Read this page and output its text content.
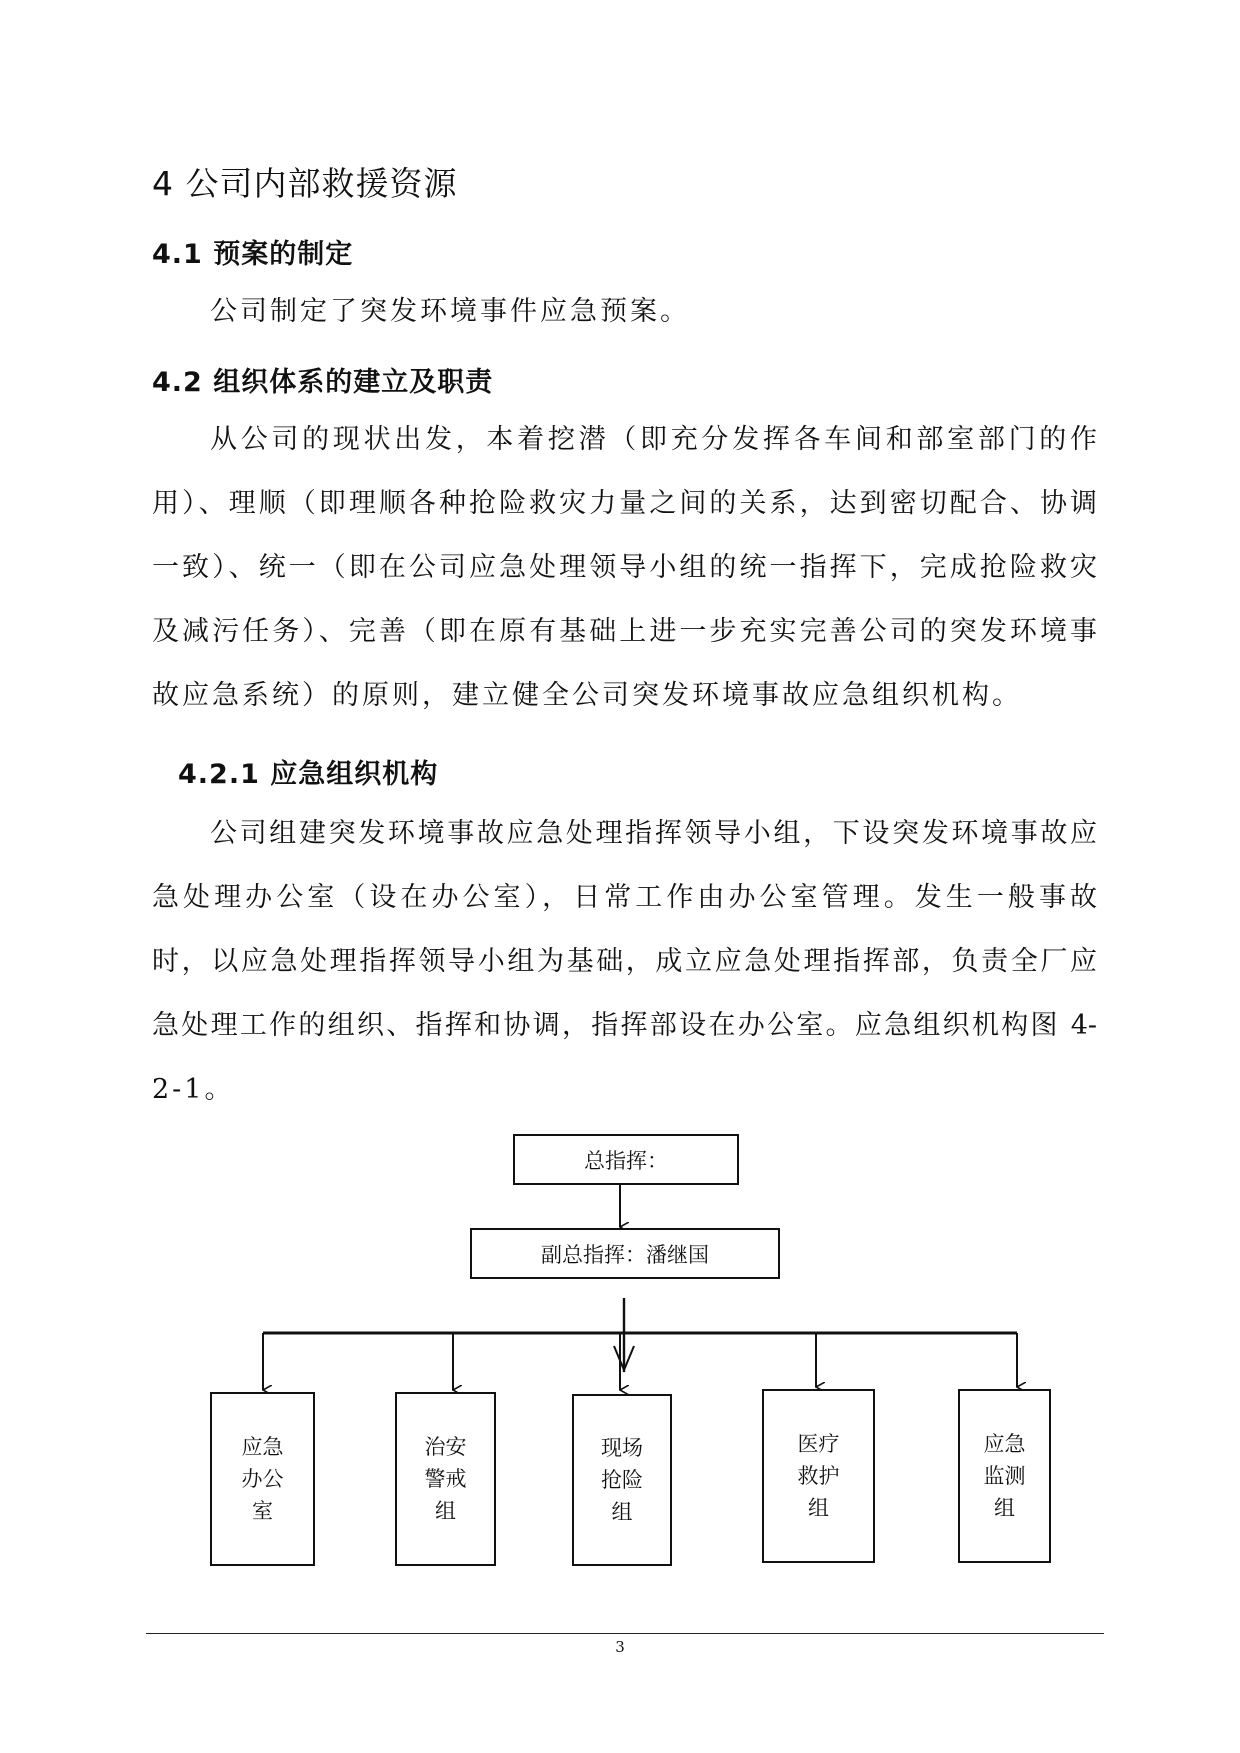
4 公司内部救援资源
4.1 预案的制定
公司制定了突发环境事件应急预案。
4.2 组织体系的建立及职责
从公司的现状出发，本着挖潜（即充分发挥各车间和部室部门的作
用）、理顺（即理顺各种抢险救灾力量之间的关系，达到密切配合、协调
一致）、统一（即在公司应急处理领导小组的统一指挥下，完成抢险救灾
及减污任务）、完善（即在原有基础上进一步充实完善公司的突发环境事
故应急系统）的原则，建立健全公司突发环境事故应急组织机构。
4.2.1 应急组织机构
公司组建突发环境事故应急处理指挥领导小组，下设突发环境事故应
急处理办公室（设在办公室），日常工作由办公室管理。发生一般事故
时，以应急处理指挥领导小组为基础，成立应急处理指挥部，负责全厂应
急处理工作的组织、指挥和协调，指挥部设在办公室。应急组织机构图 4-
2-1。
总指挥：
副总指挥：潘继国
应急
办公
室
治安
警戒
组
现场
抢险
组
医疗
救护
组
应急
监测
组
3
